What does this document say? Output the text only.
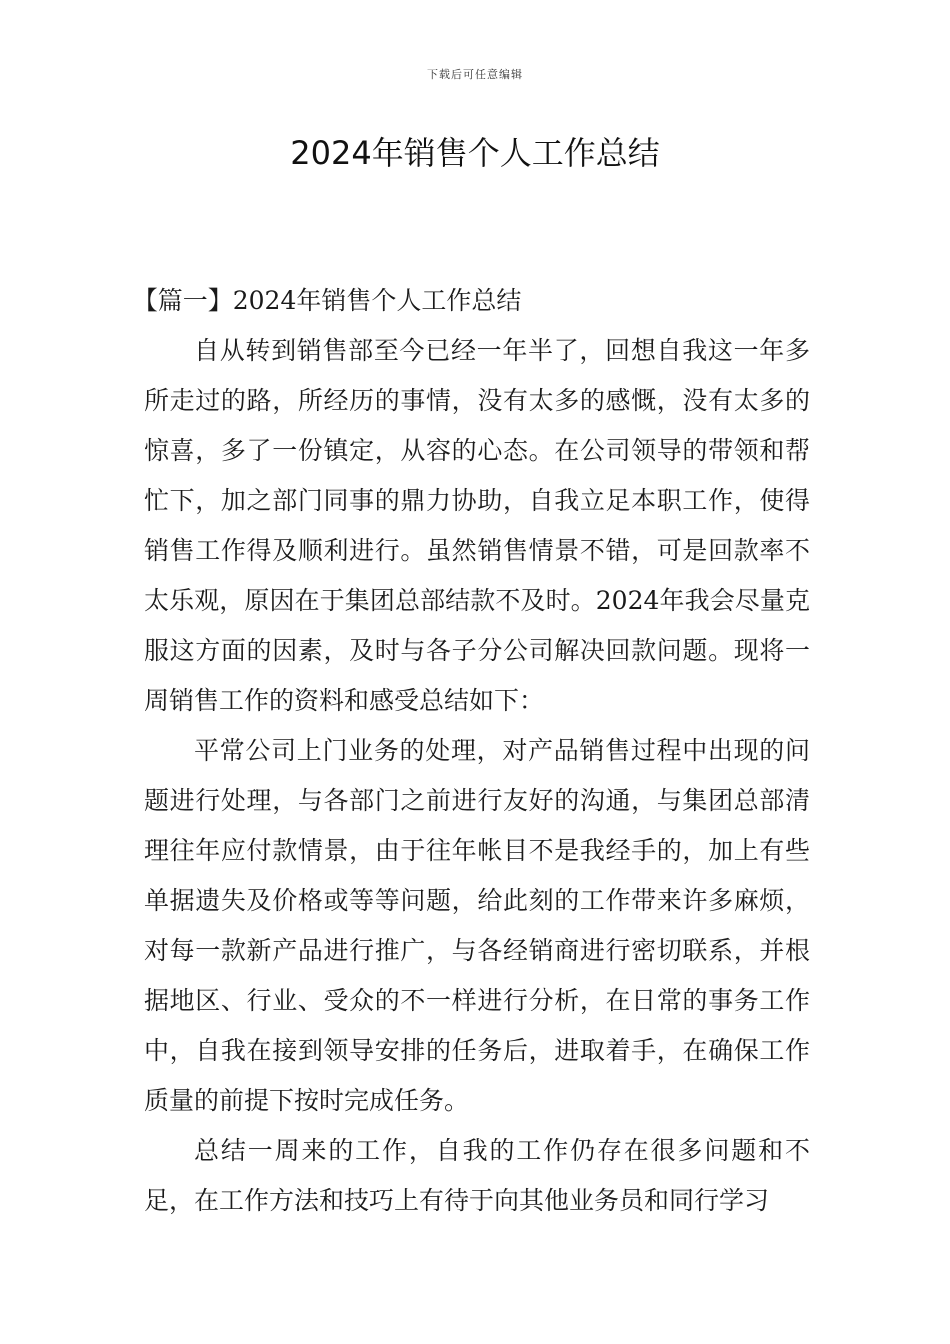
下载后可任意编辑
2024年销售个人工作总结

【篇一】2024年销售个人工作总结

自从转到销售部至今已经一年半了，回想自我这一年多所走过的路，所经历的事情，没有太多的感慨，没有太多的惊喜，多了一份镇定，从容的心态。在公司领导的带领和帮忙下，加之部门同事的鼎力协助，自我立足本职工作，使得销售工作得及顺利进行。虽然销售情景不错，可是回款率不太乐观，原因在于集团总部结款不及时。2024年我会尽量克服这方面的因素，及时与各子分公司解决回款问题。现将一周销售工作的资料和感受总结如下：

平常公司上门业务的处理，对产品销售过程中出现的问题进行处理，与各部门之前进行友好的沟通，与集团总部清理往年应付款情景，由于往年帐目不是我经手的，加上有些单据遗失及价格或等等问题，给此刻的工作带来许多麻烦，对每一款新产品进行推广，与各经销商进行密切联系，并根据地区、行业、受众的不一样进行分析，在日常的事务工作中，自我在接到领导安排的任务后，进取着手，在确保工作质量的前提下按时完成任务。

总结一周来的工作，自我的工作仍存在很多问题和不足，在工作方法和技巧上有待于向其他业务员和同行学习
